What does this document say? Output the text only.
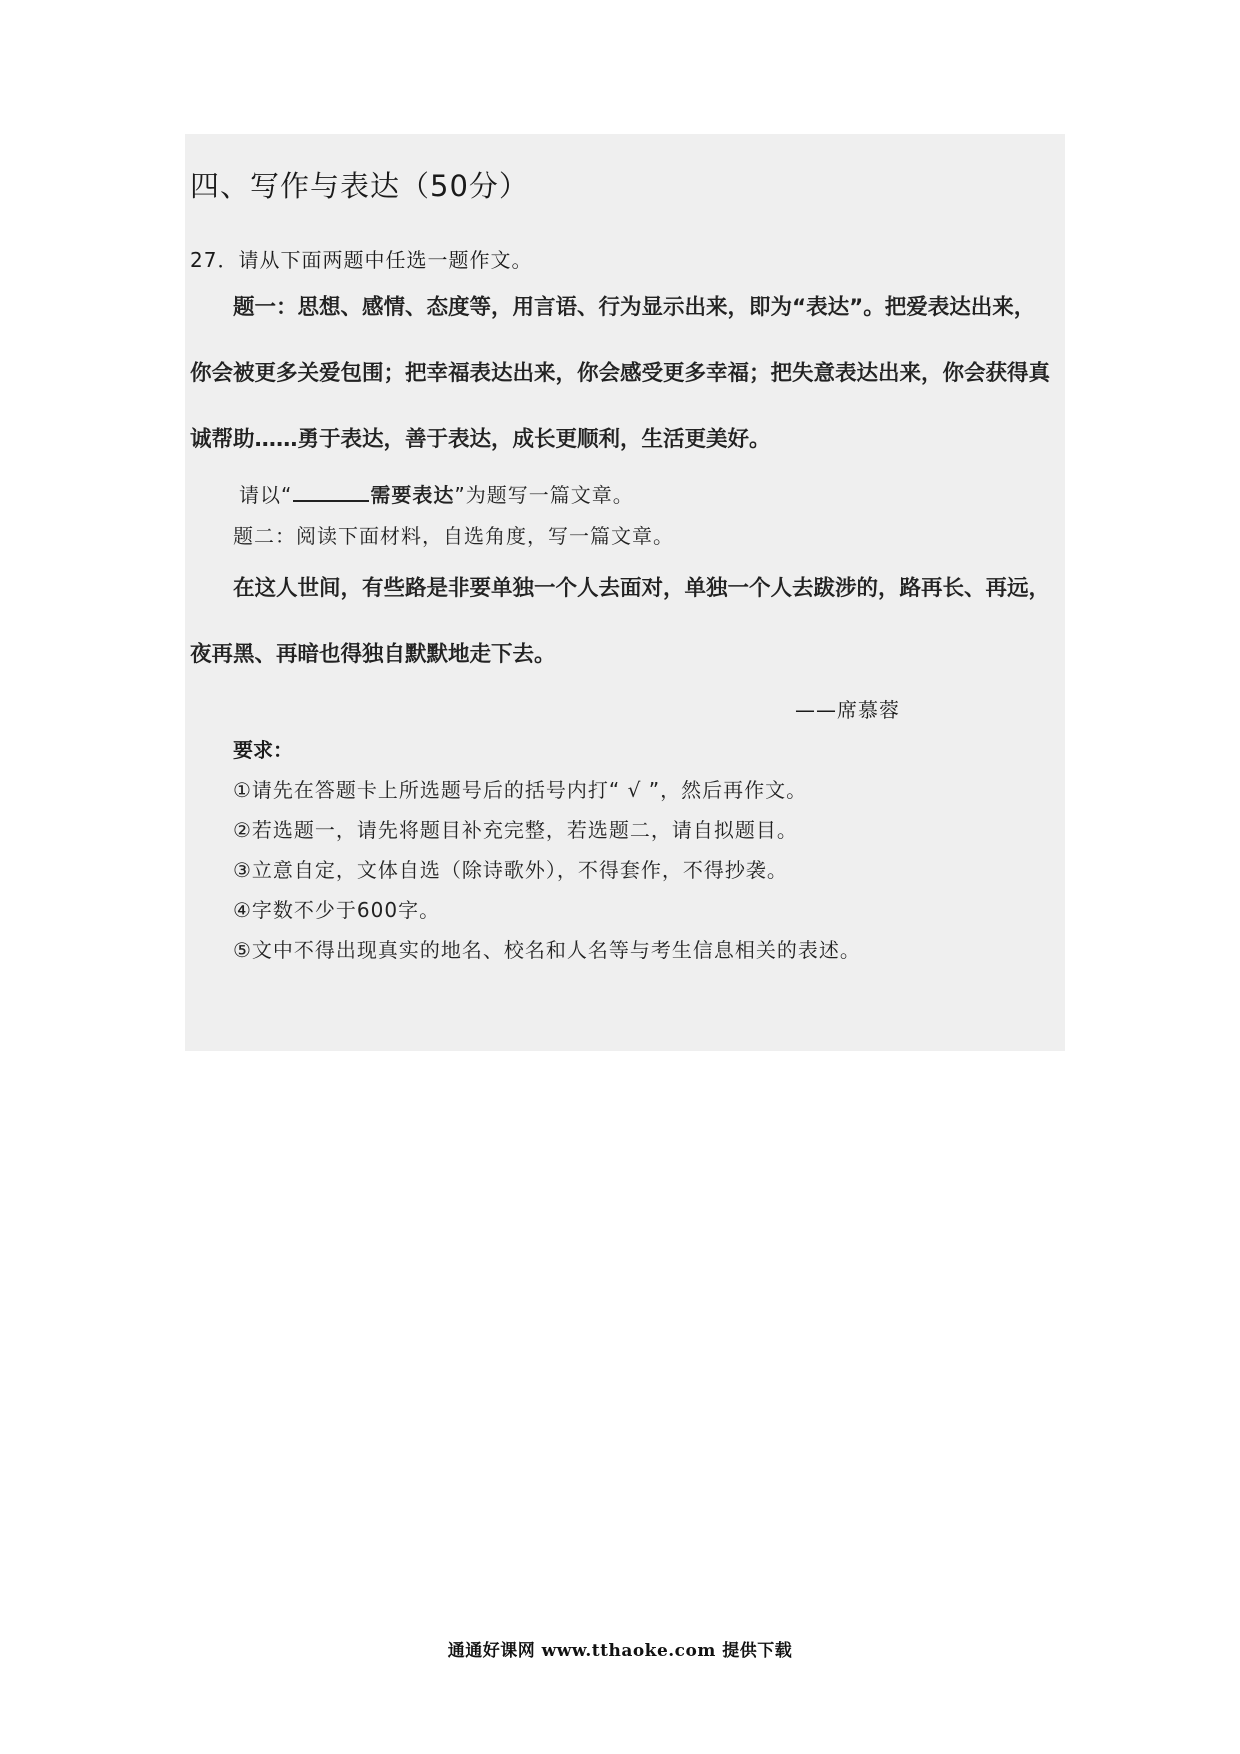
四、写作与表达（50分）
27．请从下面两题中任选一题作文。
题一：思想、感情、态度等，用言语、行为显示出来，即为“表达”。把爱表达出来，
你会被更多关爱包围；把幸福表达出来，你会感受更多幸福；把失意表达出来，你会获得真
诚帮助……勇于表达，善于表达，成长更顺利，生活更美好。
请以“	需要表达”为题写一篇文章。
题二：阅读下面材料，自选角度，写一篇文章。
在这人世间，有些路是非要单独一个人去面对，单独一个人去跋涉的，路再长、再远，
夜再黑、再暗也得独自默默地走下去。
——席慕蓉
要求：
①请先在答题卡上所选题号后的括号内打“ √ ”，然后再作文。
②若选题一，请先将题目补充完整，若选题二，请自拟题目。
③立意自定，文体自选（除诗歌外），不得套作，不得抄袭。
④字数不少于600字。
⑤文中不得出现真实的地名、校名和人名等与考生信息相关的表述。
通通好课网 www.tthaoke.com 提供下载
